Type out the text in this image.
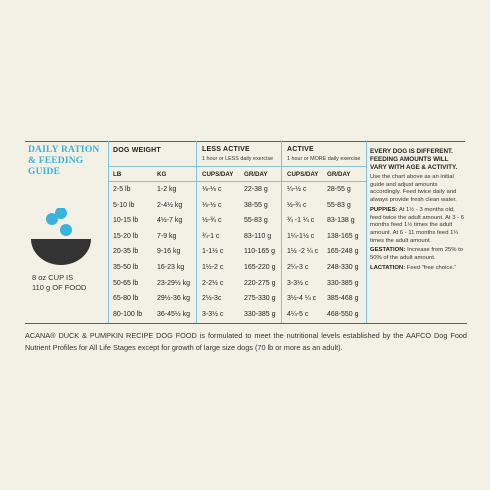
DAILY RATION & FEEDING GUIDE
8 oz CUP IS
110 g OF FOOD
DOG WEIGHT	LESS ACTIVE
1 hour or LESS daily exercise
ACTIVE
1 hour or MORE daily exercise
LB	KG	CUPS/DAY GR/DAY	CUPS/DAY GR/DAY
2-5 lb	1-2 kg	⅛-⅓ c	22-38 g	¼-½ c	28-55 g
5-10 lb	2-4½ kg	⅓-½ c	38-55 g	½-¾ c	55-83 g
10-15 lb	4½-7 kg	½-¾ c	55-83 g	¾ -1 ¼ c 83-138 g
15-20 lb	7-9 kg	¾-1 c	83-110 g 1¼-1½ c 138-165 g
20-35 lb	9-16 kg	1-1½ c	110-165 g 1½ -2 ¼ c 165-248 g
35-50 lb	16-23 kg	1½-2 c	165-220 g 2¼-3 c	248-330 g
50-65 lb	23-29½ kg 2-2½ c	220-275 g 3-3½ c	330-385 g
65-80 lb	29½-36 kg 2½-3c	275-330 g 3½-4 ¼ c 385-468 g
80-100 lb 36-45½ kg 3-3½ c	330-385 g 4¼-5 c	468-550 g

EVERY DOG IS DIFFERENT. FEEDING AMOUNTS WILL VARY WITH AGE & ACTIVITY.

Use the chart above as an initial guide and adjust amounts accordingly. Feed twice daily and always provide fresh clean water.

PUPPIES: At 1½ - 3 months old, feed twice the adult amount. At 3 - 6 months feed 1½ times the adult amount. At 6 - 11 months feed 1¼ times the adult amount.

GESTATION: Increase from 25% to 50% of the adult amount.

LACTATION: Feed “free choice.”

ACANA® DUCK & PUMPKIN RECIPE DOG FOOD is formulated to meet the nutritional levels established by the AAFCO Dog Food Nutrient Profiles for All Life Stages except for growth of large size dogs (70 lb or more as an adult).
